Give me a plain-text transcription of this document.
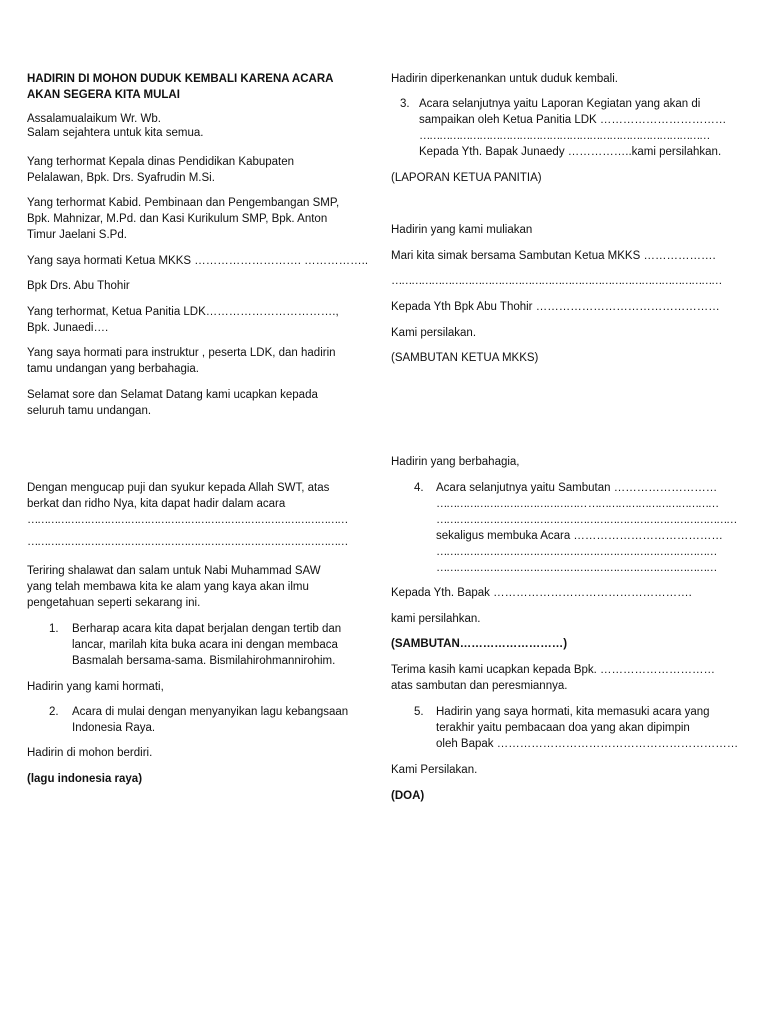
HADIRIN DI MOHON DUDUK KEMBALI KARENA ACARA
AKAN SEGERA KITA MULAI
Assalamualaikum Wr. Wb.
Salam sejahtera untuk kita semua.
Yang terhormat Kepala dinas Pendidikan Kabupaten
Pelalawan, Bpk. Drs. Syafrudin M.Si.
Yang terhormat Kabid. Pembinaan dan Pengembangan SMP,
Bpk. Mahnizar, M.Pd. dan Kasi Kurikulum SMP, Bpk. Anton
Timur Jaelani S.Pd.
Yang saya hormati Ketua MKKS ………………………. ……………..
Bpk Drs. Abu Thohir
Yang terhormat, Ketua Panitia LDK…………………………….,
Bpk. Junaedi….
Yang saya hormati para instruktur , peserta LDK, dan hadirin
tamu undangan yang berbahagia.
Selamat sore dan Selamat Datang kami ucapkan kepada
seluruh tamu undangan.
Dengan mengucap puji dan syukur kepada Allah SWT, atas
berkat dan ridho Nya, kita dapat hadir dalam acara
……………………………………………………………………………………
……………………………………………………………………………………
Teriring shalawat dan salam untuk Nabi Muhammad SAW
yang telah membawa kita ke alam yang kaya akan ilmu
pengetahuan seperti sekarang ini.
1. Berharap acara kita dapat berjalan dengan tertib dan
lancar, marilah kita buka acara ini dengan membaca
Basmalah bersama-sama. Bismilahirohmannirohim.
Hadirin yang kami hormati,
2. Acara di mulai dengan menyanyikan lagu kebangsaan
Indonesia Raya.
Hadirin di mohon berdiri.
(lagu indonesia raya)
Hadirin diperkenankan untuk duduk kembali.
3. Acara selanjutnya yaitu Laporan Kegiatan yang akan di
sampaikan oleh Ketua Panitia LDK ……………………………
……………………………………………………………………………
Kepada Yth. Bapak Junaedy ……………..kami persilahkan.
(LAPORAN KETUA PANITIA)
Hadirin yang kami muliakan
Mari kita simak bersama Sambutan Ketua MKKS ……………….
………………………………………………………………………………………
Kepada Yth Bpk Abu Thohir …………………………………………
Kami persilakan.
(SAMBUTAN KETUA MKKS)
Hadirin yang berbahagia,
4. Acara selanjutnya yaitu Sambutan ………………………
……………………………………… …………………………………
………………………………………………………………………………
sekaligus membuka Acara …………………………………
…………………………………………………………………………
…………………………………………………………………………
Kepada Yth. Bapak …………………………………………….
kami persilahkan.
(SAMBUTAN………………………)
Terima kasih kami ucapkan kepada Bpk. …………………………
atas sambutan dan peresmiannya.
5. Hadirin yang saya hormati, kita memasuki acara yang
terakhir yaitu pembacaan doa yang akan dipimpin
oleh Bapak ………………………………………………………
Kami Persilakan.
(DOA)
